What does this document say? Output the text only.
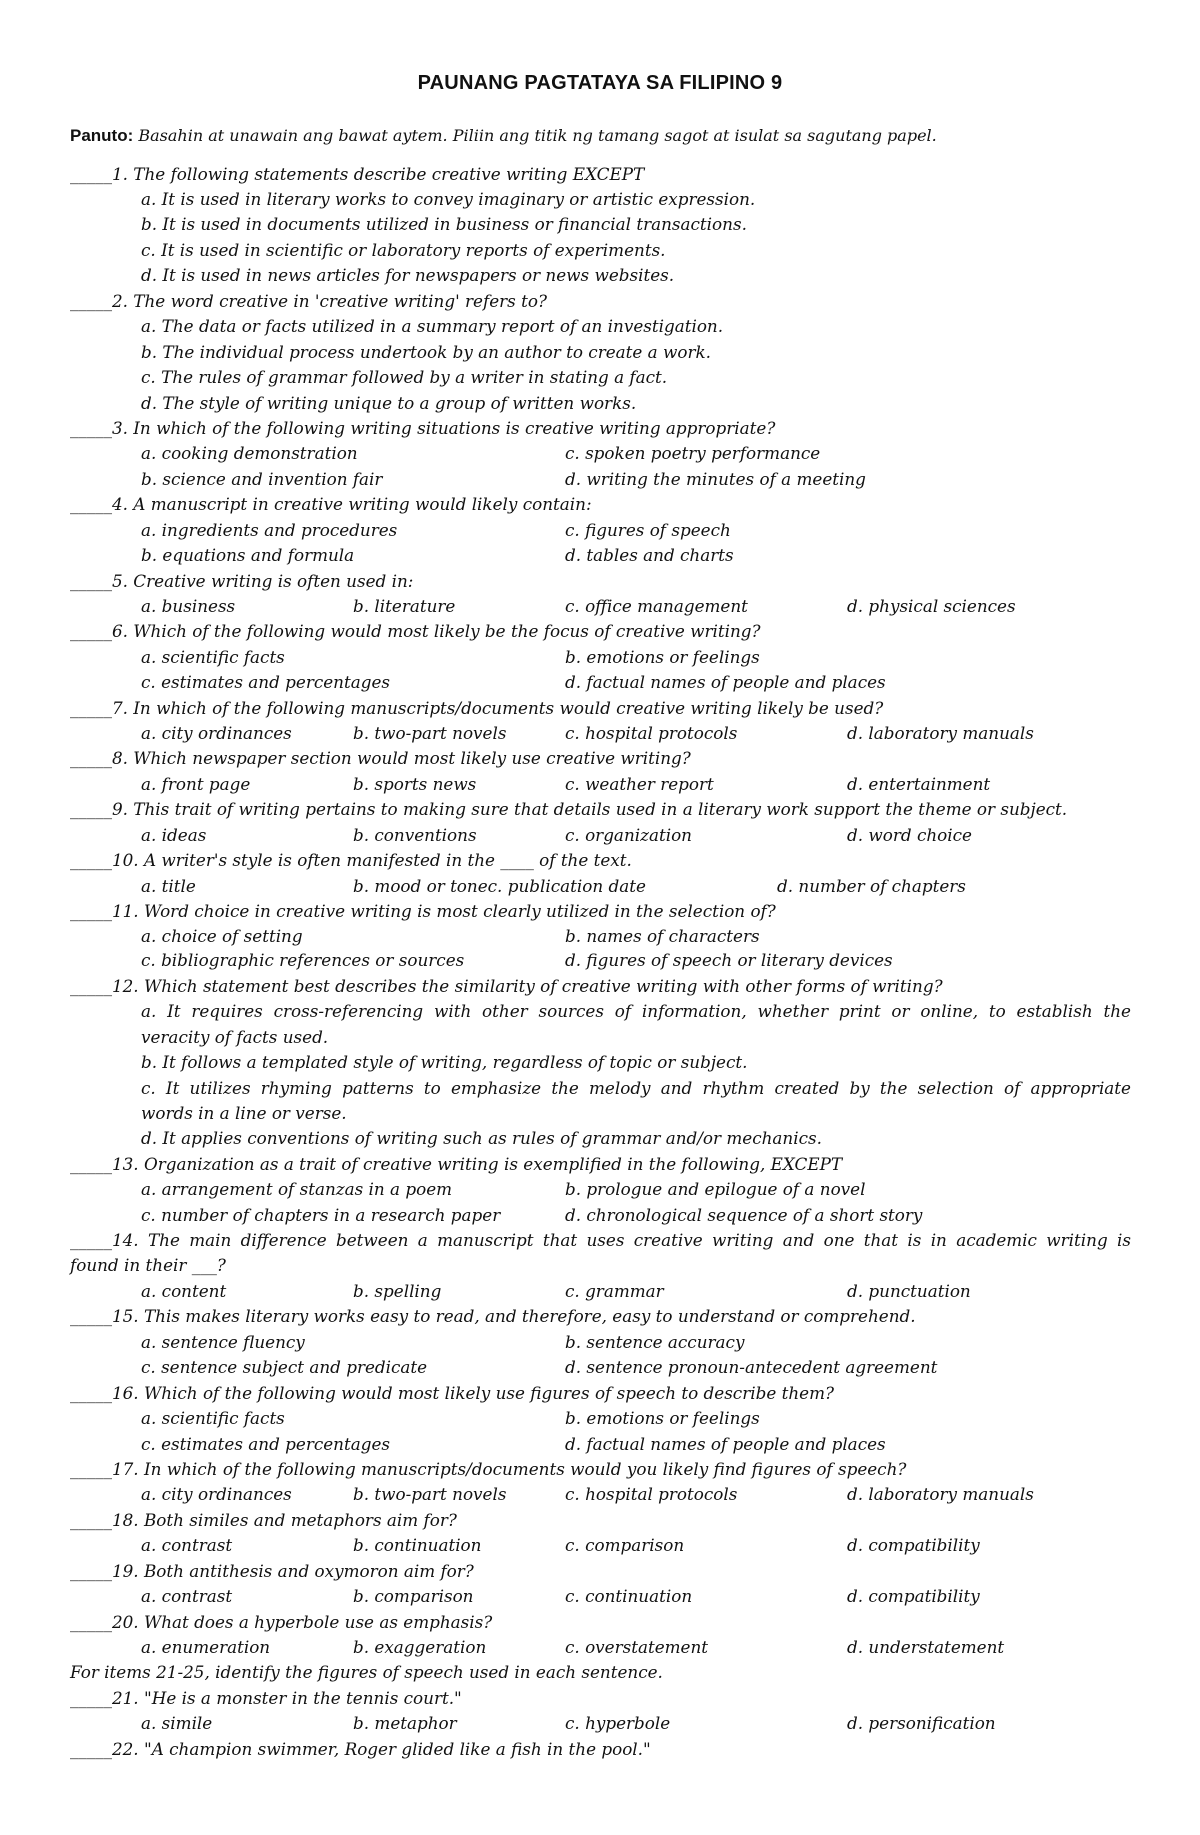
PAUNANG PAGTATAYA SA FILIPINO 9
Panuto: Basahin at unawain ang bawat aytem. Piliin ang titik ng tamang sagot at isulat sa sagutang papel.
_____1. The following statements describe creative writing EXCEPT
a. It is used in literary works to convey imaginary or artistic expression.
b. It is used in documents utilized in business or financial transactions.
c. It is used in scientific or laboratory reports of experiments.
d. It is used in news articles for newspapers or news websites.
_____2. The word creative in 'creative writing' refers to?
a. The data or facts utilized in a summary report of an investigation.
b. The individual process undertook by an author to create a work.
c. The rules of grammar followed by a writer in stating a fact.
d. The style of writing unique to a group of written works.
_____3. In which of the following writing situations is creative writing appropriate?
a. cooking demonstration	c. spoken poetry performance
b. science and invention fair	d. writing the minutes of a meeting
_____4. A manuscript in creative writing would likely contain:
a. ingredients and procedures	c. figures of speech
b. equations and formula	d. tables and charts
_____5. Creative writing is often used in:
a. business	b. literature	c. office management	d. physical sciences
_____6. Which of the following would most likely be the focus of creative writing?
a. scientific facts	b. emotions or feelings
c. estimates and percentages	d. factual names of people and places
_____7. In which of the following manuscripts/documents would creative writing likely be used?
a. city ordinances	b. two-part novels	c. hospital protocols	d. laboratory manuals
_____8. Which newspaper section would most likely use creative writing?
a. front page	b. sports news	c. weather report	d. entertainment
_____9. This trait of writing pertains to making sure that details used in a literary work support the theme or subject.
a. ideas	b. conventions	c. organization	d. word choice
_____10. A writer's style is often manifested in the ____ of the text.
a. title	b. mood or tonec. publication date	d. number of chapters
_____11. Word choice in creative writing is most clearly utilized in the selection of?
a. choice of setting	b. names of characters
c. bibliographic references or sources	d. figures of speech or literary devices
_____12. Which statement best describes the similarity of creative writing with other forms of writing?
a. It requires cross-referencing with other sources of information, whether print or online, to establish the
veracity of facts used.
b. It follows a templated style of writing, regardless of topic or subject.
c. It utilizes rhyming patterns to emphasize the melody and rhythm created by the selection of appropriate
words in a line or verse.
d. It applies conventions of writing such as rules of grammar and/or mechanics.
_____13. Organization as a trait of creative writing is exemplified in the following, EXCEPT
a. arrangement of stanzas in a poem	b. prologue and epilogue of a novel
c. number of chapters in a research paper	d. chronological sequence of a short story
_____14. The main difference between a manuscript that uses creative writing and one that is in academic writing is
found in their ___?
a. content	b. spelling	c. grammar	d. punctuation
_____15. This makes literary works easy to read, and therefore, easy to understand or comprehend.
a. sentence fluency	b. sentence accuracy
c. sentence subject and predicate	d. sentence pronoun-antecedent agreement
_____16. Which of the following would most likely use figures of speech to describe them?
a. scientific facts	b. emotions or feelings
c. estimates and percentages	d. factual names of people and places
_____17. In which of the following manuscripts/documents would you likely find figures of speech?
a. city ordinances	b. two-part novels	c. hospital protocols	d. laboratory manuals
_____18. Both similes and metaphors aim for?
a. contrast	b. continuation	c. comparison	d. compatibility
_____19. Both antithesis and oxymoron aim for?
a. contrast	b. comparison	c. continuation	d. compatibility
_____20. What does a hyperbole use as emphasis?
a. enumeration	b. exaggeration	c. overstatement	d. understatement
For items 21-25, identify the figures of speech used in each sentence.
_____21. "He is a monster in the tennis court."
a. simile	b. metaphor	c. hyperbole	d. personification
_____22. "A champion swimmer, Roger glided like a fish in the pool."
